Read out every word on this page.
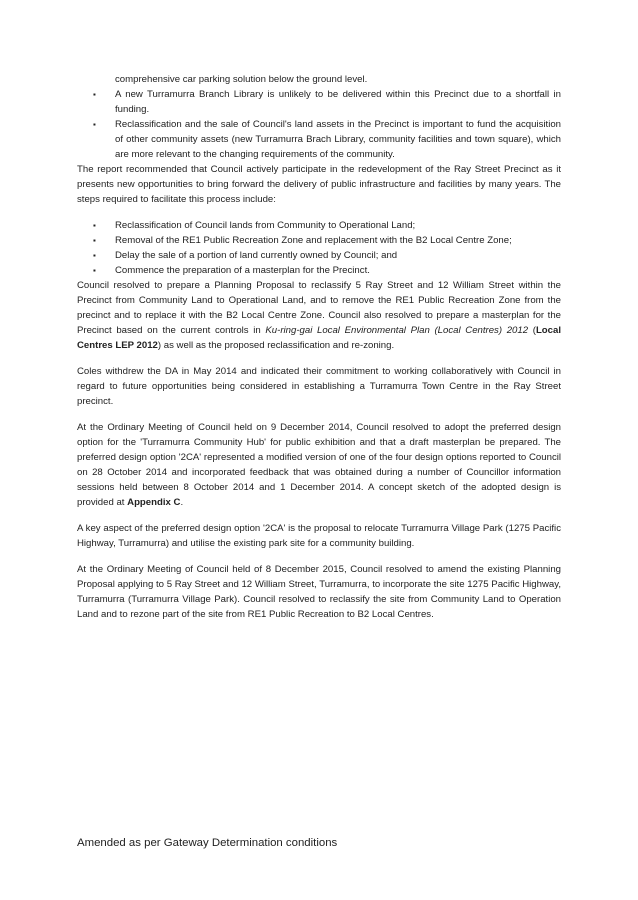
comprehensive car parking solution below the ground level.
▪ A new Turramurra Branch Library is unlikely to be delivered within this Precinct due to a shortfall in funding.
▪ Reclassification and the sale of Council's land assets in the Precinct is important to fund the acquisition of other community assets (new Turramurra Brach Library, community facilities and town square), which are more relevant to the changing requirements of the community.

The report recommended that Council actively participate in the redevelopment of the Ray Street Precinct as it presents new opportunities to bring forward the delivery of public infrastructure and facilities by many years. The steps required to facilitate this process include:

▪ Reclassification of Council lands from Community to Operational Land;
▪ Removal of the RE1 Public Recreation Zone and replacement with the B2 Local Centre Zone;
▪ Delay the sale of a portion of land currently owned by Council; and
▪ Commence the preparation of a masterplan for the Precinct.

Council resolved to prepare a Planning Proposal to reclassify 5 Ray Street and 12 William Street within the Precinct from Community Land to Operational Land, and to remove the RE1 Public Recreation Zone from the precinct and to replace it with the B2 Local Centre Zone. Council also resolved to prepare a masterplan for the Precinct based on the current controls in Ku-ring-gai Local Environmental Plan (Local Centres) 2012 (Local Centres LEP 2012) as well as the proposed reclassification and re-zoning.

Coles withdrew the DA in May 2014 and indicated their commitment to working collaboratively with Council in regard to future opportunities being considered in establishing a Turramurra Town Centre in the Ray Street precinct.

At the Ordinary Meeting of Council held on 9 December 2014, Council resolved to adopt the preferred design option for the 'Turramurra Community Hub' for public exhibition and that a draft masterplan be prepared. The preferred design option '2CA' represented a modified version of one of the four design options reported to Council on 28 October 2014 and incorporated feedback that was obtained during a number of Councillor information sessions held between 8 October 2014 and 1 December 2014. A concept sketch of the adopted design is provided at Appendix C.

A key aspect of the preferred design option '2CA' is the proposal to relocate Turramurra Village Park (1275 Pacific Highway, Turramurra) and utilise the existing park site for a community building.

At the Ordinary Meeting of Council held of 8 December 2015, Council resolved to amend the existing Planning Proposal applying to 5 Ray Street and 12 William Street, Turramurra, to incorporate the site 1275 Pacific Highway, Turramurra (Turramurra Village Park). Council resolved to reclassify the site from Community Land to Operation Land and to rezone part of the site from RE1 Public Recreation to B2 Local Centres.

Amended as per Gateway Determination conditions
